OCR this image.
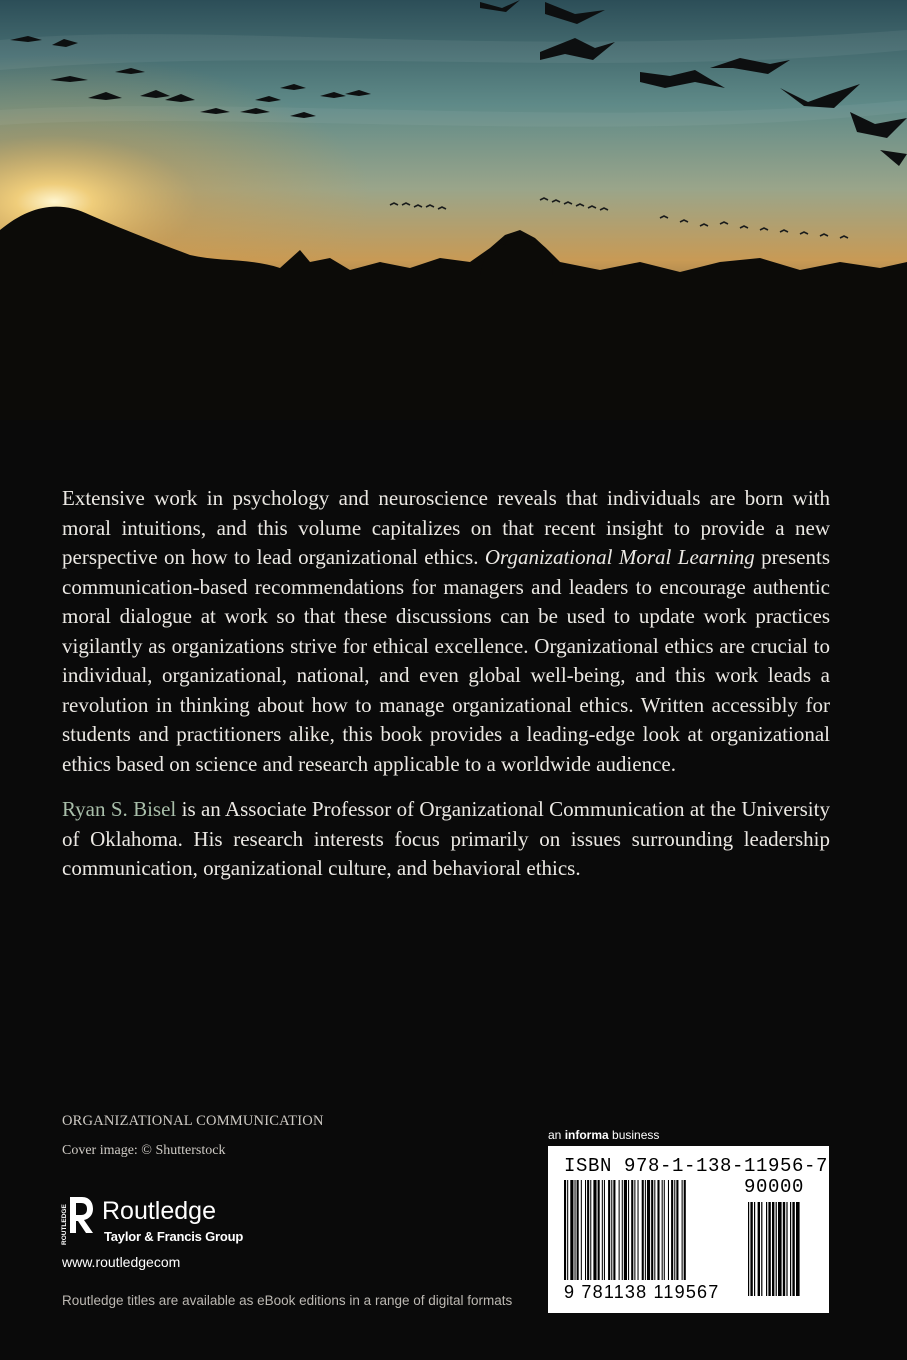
Extensive work in psychology and neuroscience reveals that individuals are born with moral intuitions, and this volume capitalizes on that recent insight to provide a new perspective on how to lead organizational ethics. Organizational Moral Learning presents communication-based recommendations for managers and leaders to encourage authentic moral dialogue at work so that these discussions can be used to update work practices vigilantly as organizations strive for ethical excellence. Organizational ethics are crucial to individual, organizational, national, and even global well-being, and this work leads a revolution in thinking about how to manage organizational ethics. Written accessibly for students and practitioners alike, this book provides a leading-edge look at organizational ethics based on science and research applicable to a worldwide audience.

Ryan S. Bisel is an Associate Professor of Organizational Communication at the University of Oklahoma. His research interests focus primarily on issues surrounding leadership communication, organizational culture, and behavioral ethics.

ORGANIZATIONAL COMMUNICATION
Cover image: © Shutterstock
ROUTLEDGE Routledge
Taylor & Francis Group
www.routledgecom
Routledge titles are available as eBook editions in a range of digital formats
an informa business
ISBN 978-1-138-11956-7
90000
9 781138 119567
